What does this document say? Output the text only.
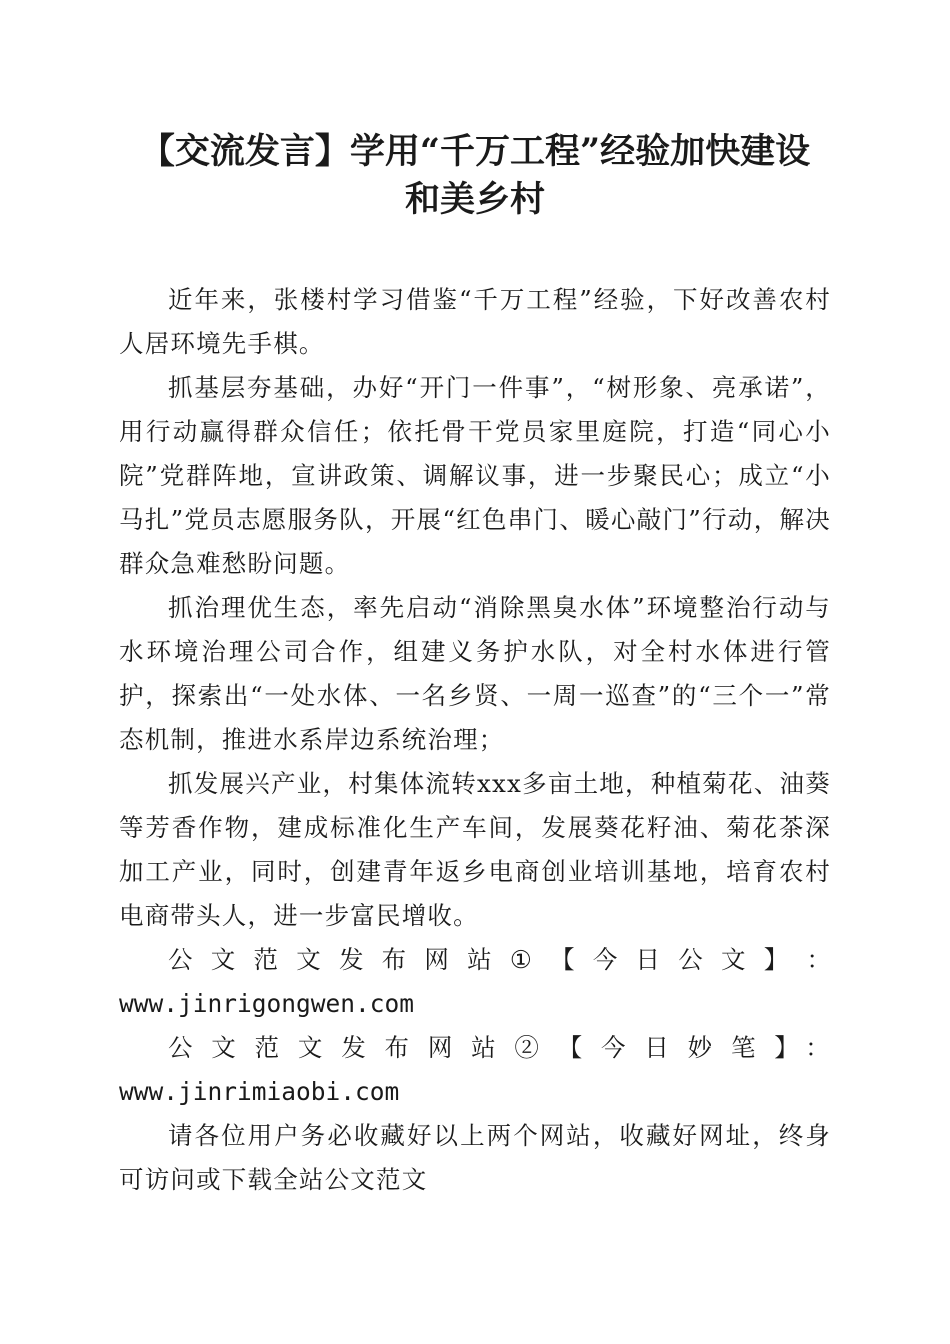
【交流发言】学用“千万工程”经验加快建设
和美乡村

近年来，张楼村学习借鉴“千万工程”经验，下好改善农村人居环境先手棋。

抓基层夯基础，办好“开门一件事”，“树形象、亮承诺”，用行动赢得群众信任；依托骨干党员家里庭院，打造“同心小院”党群阵地，宣讲政策、调解议事，进一步聚民心；成立“小马扎”党员志愿服务队，开展“红色串门、暖心敲门”行动，解决群众急难愁盼问题。

抓治理优生态，率先启动“消除黑臭水体”环境整治行动与水环境治理公司合作，组建义务护水队，对全村水体进行管护，探索出“一处水体、一名乡贤、一周一巡查”的“三个一”常态机制，推进水系岸边系统治理；

抓发展兴产业，村集体流转xxx多亩土地，种植菊花、油葵等芳香作物，建成标准化生产车间，发展葵花籽油、菊花茶深加工产业，同时，创建青年返乡电商创业培训基地，培育农村电商带头人，进一步富民增收。

公 文 范 文 发 布 网 站 ① 【 今 日 公 文 】 ：

www.jinrigongwen.com

公文范文发布网站②【今日妙笔】：www.jinrimiaobi.com

请各位用户务必收藏好以上两个网站，收藏好网址，终身可访问或下载全站公文范文
